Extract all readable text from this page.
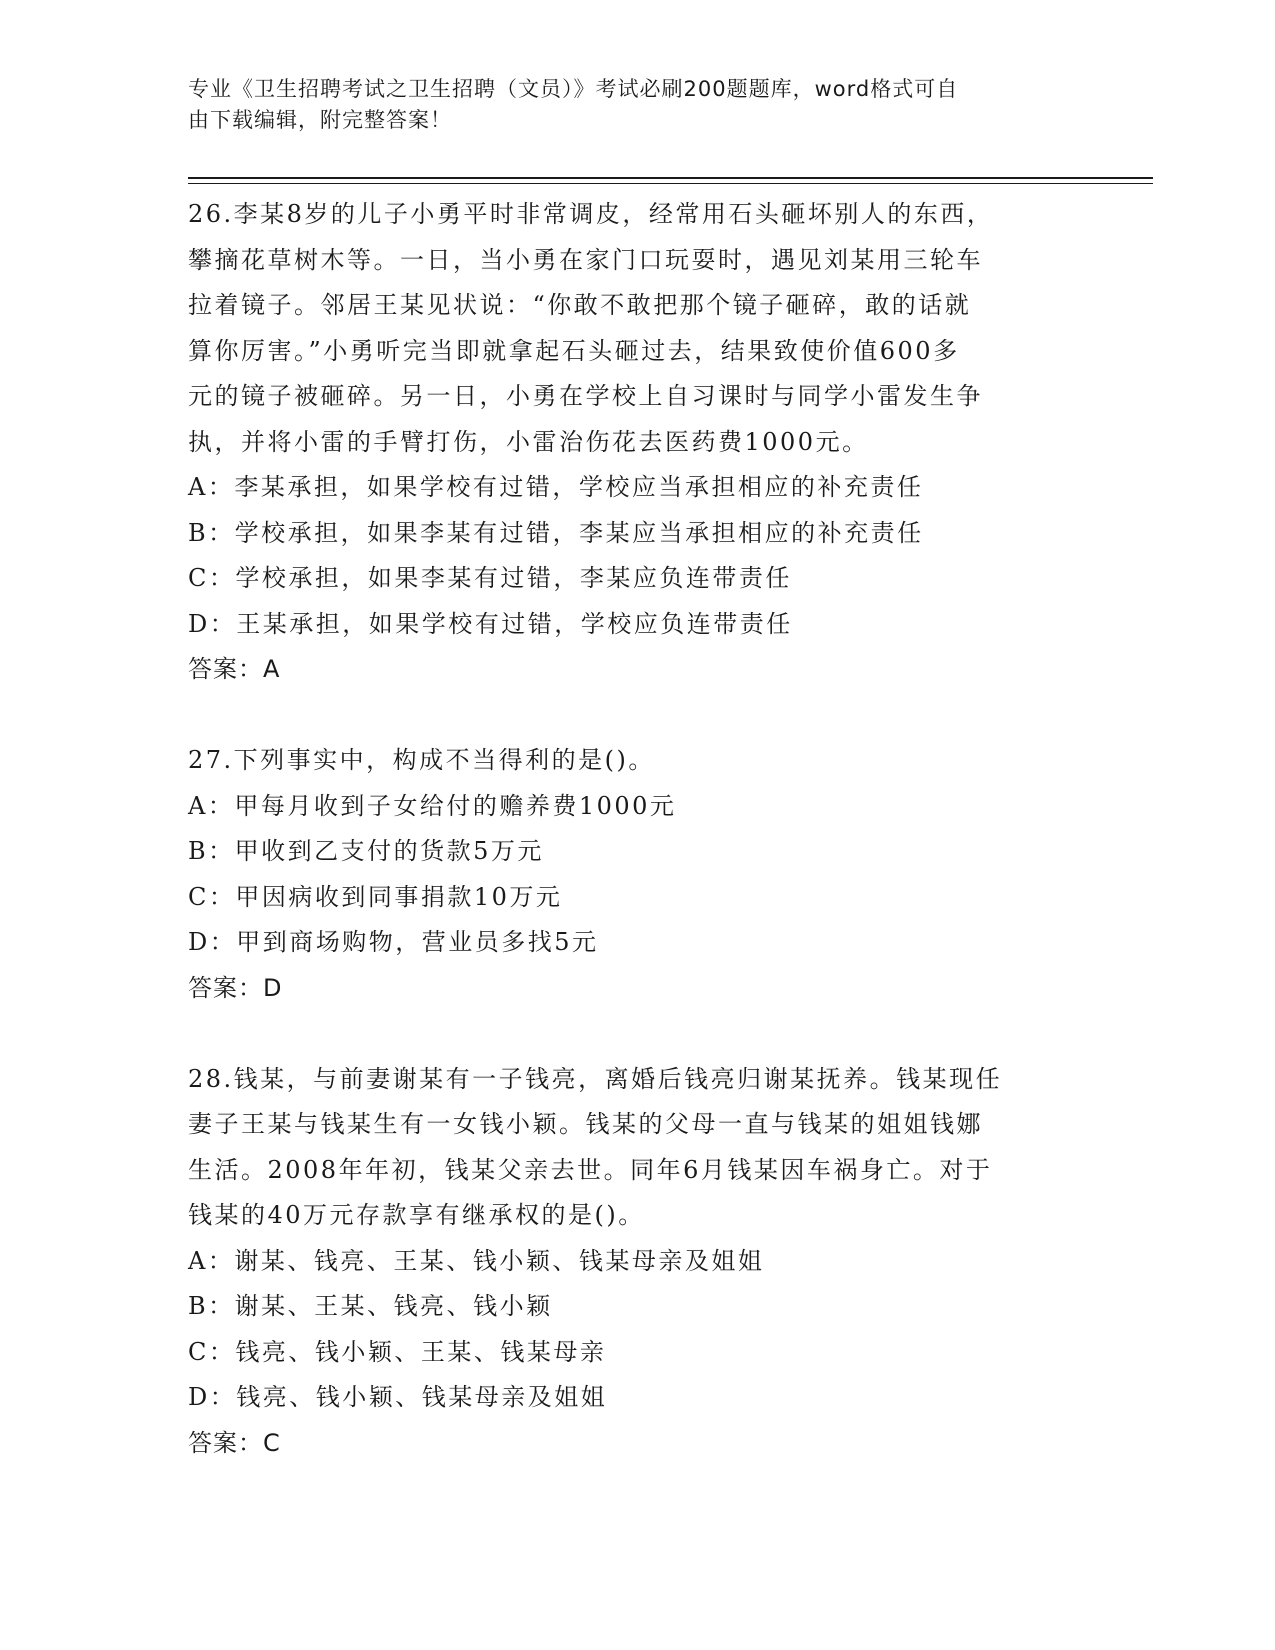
专业《卫生招聘考试之卫生招聘（文员）》考试必刷200题题库，word格式可自
由下载编辑，附完整答案！
26.李某8岁的儿子小勇平时非常调皮，经常用石头砸坏别人的东西，
攀摘花草树木等。一日，当小勇在家门口玩耍时，遇见刘某用三轮车
拉着镜子。邻居王某见状说：“你敢不敢把那个镜子砸碎，敢的话就
算你厉害。”小勇听完当即就拿起石头砸过去，结果致使价值600多
元的镜子被砸碎。另一日，小勇在学校上自习课时与同学小雷发生争
执，并将小雷的手臂打伤，小雷治伤花去医药费1000元。
A：李某承担，如果学校有过错，学校应当承担相应的补充责任
B：学校承担，如果李某有过错，李某应当承担相应的补充责任
C：学校承担，如果李某有过错，李某应负连带责任
D：王某承担，如果学校有过错，学校应负连带责任
答案：A
27.下列事实中，构成不当得利的是()。
A：甲每月收到子女给付的赡养费1000元
B：甲收到乙支付的货款5万元
C：甲因病收到同事捐款10万元
D：甲到商场购物，营业员多找5元
答案：D
28.钱某，与前妻谢某有一子钱亮，离婚后钱亮归谢某抚养。钱某现任
妻子王某与钱某生有一女钱小颖。钱某的父母一直与钱某的姐姐钱娜
生活。2008年年初，钱某父亲去世。同年6月钱某因车祸身亡。对于
钱某的40万元存款享有继承权的是()。
A：谢某、钱亮、王某、钱小颖、钱某母亲及姐姐
B：谢某、王某、钱亮、钱小颖
C：钱亮、钱小颖、王某、钱某母亲
D：钱亮、钱小颖、钱某母亲及姐姐
答案：C
